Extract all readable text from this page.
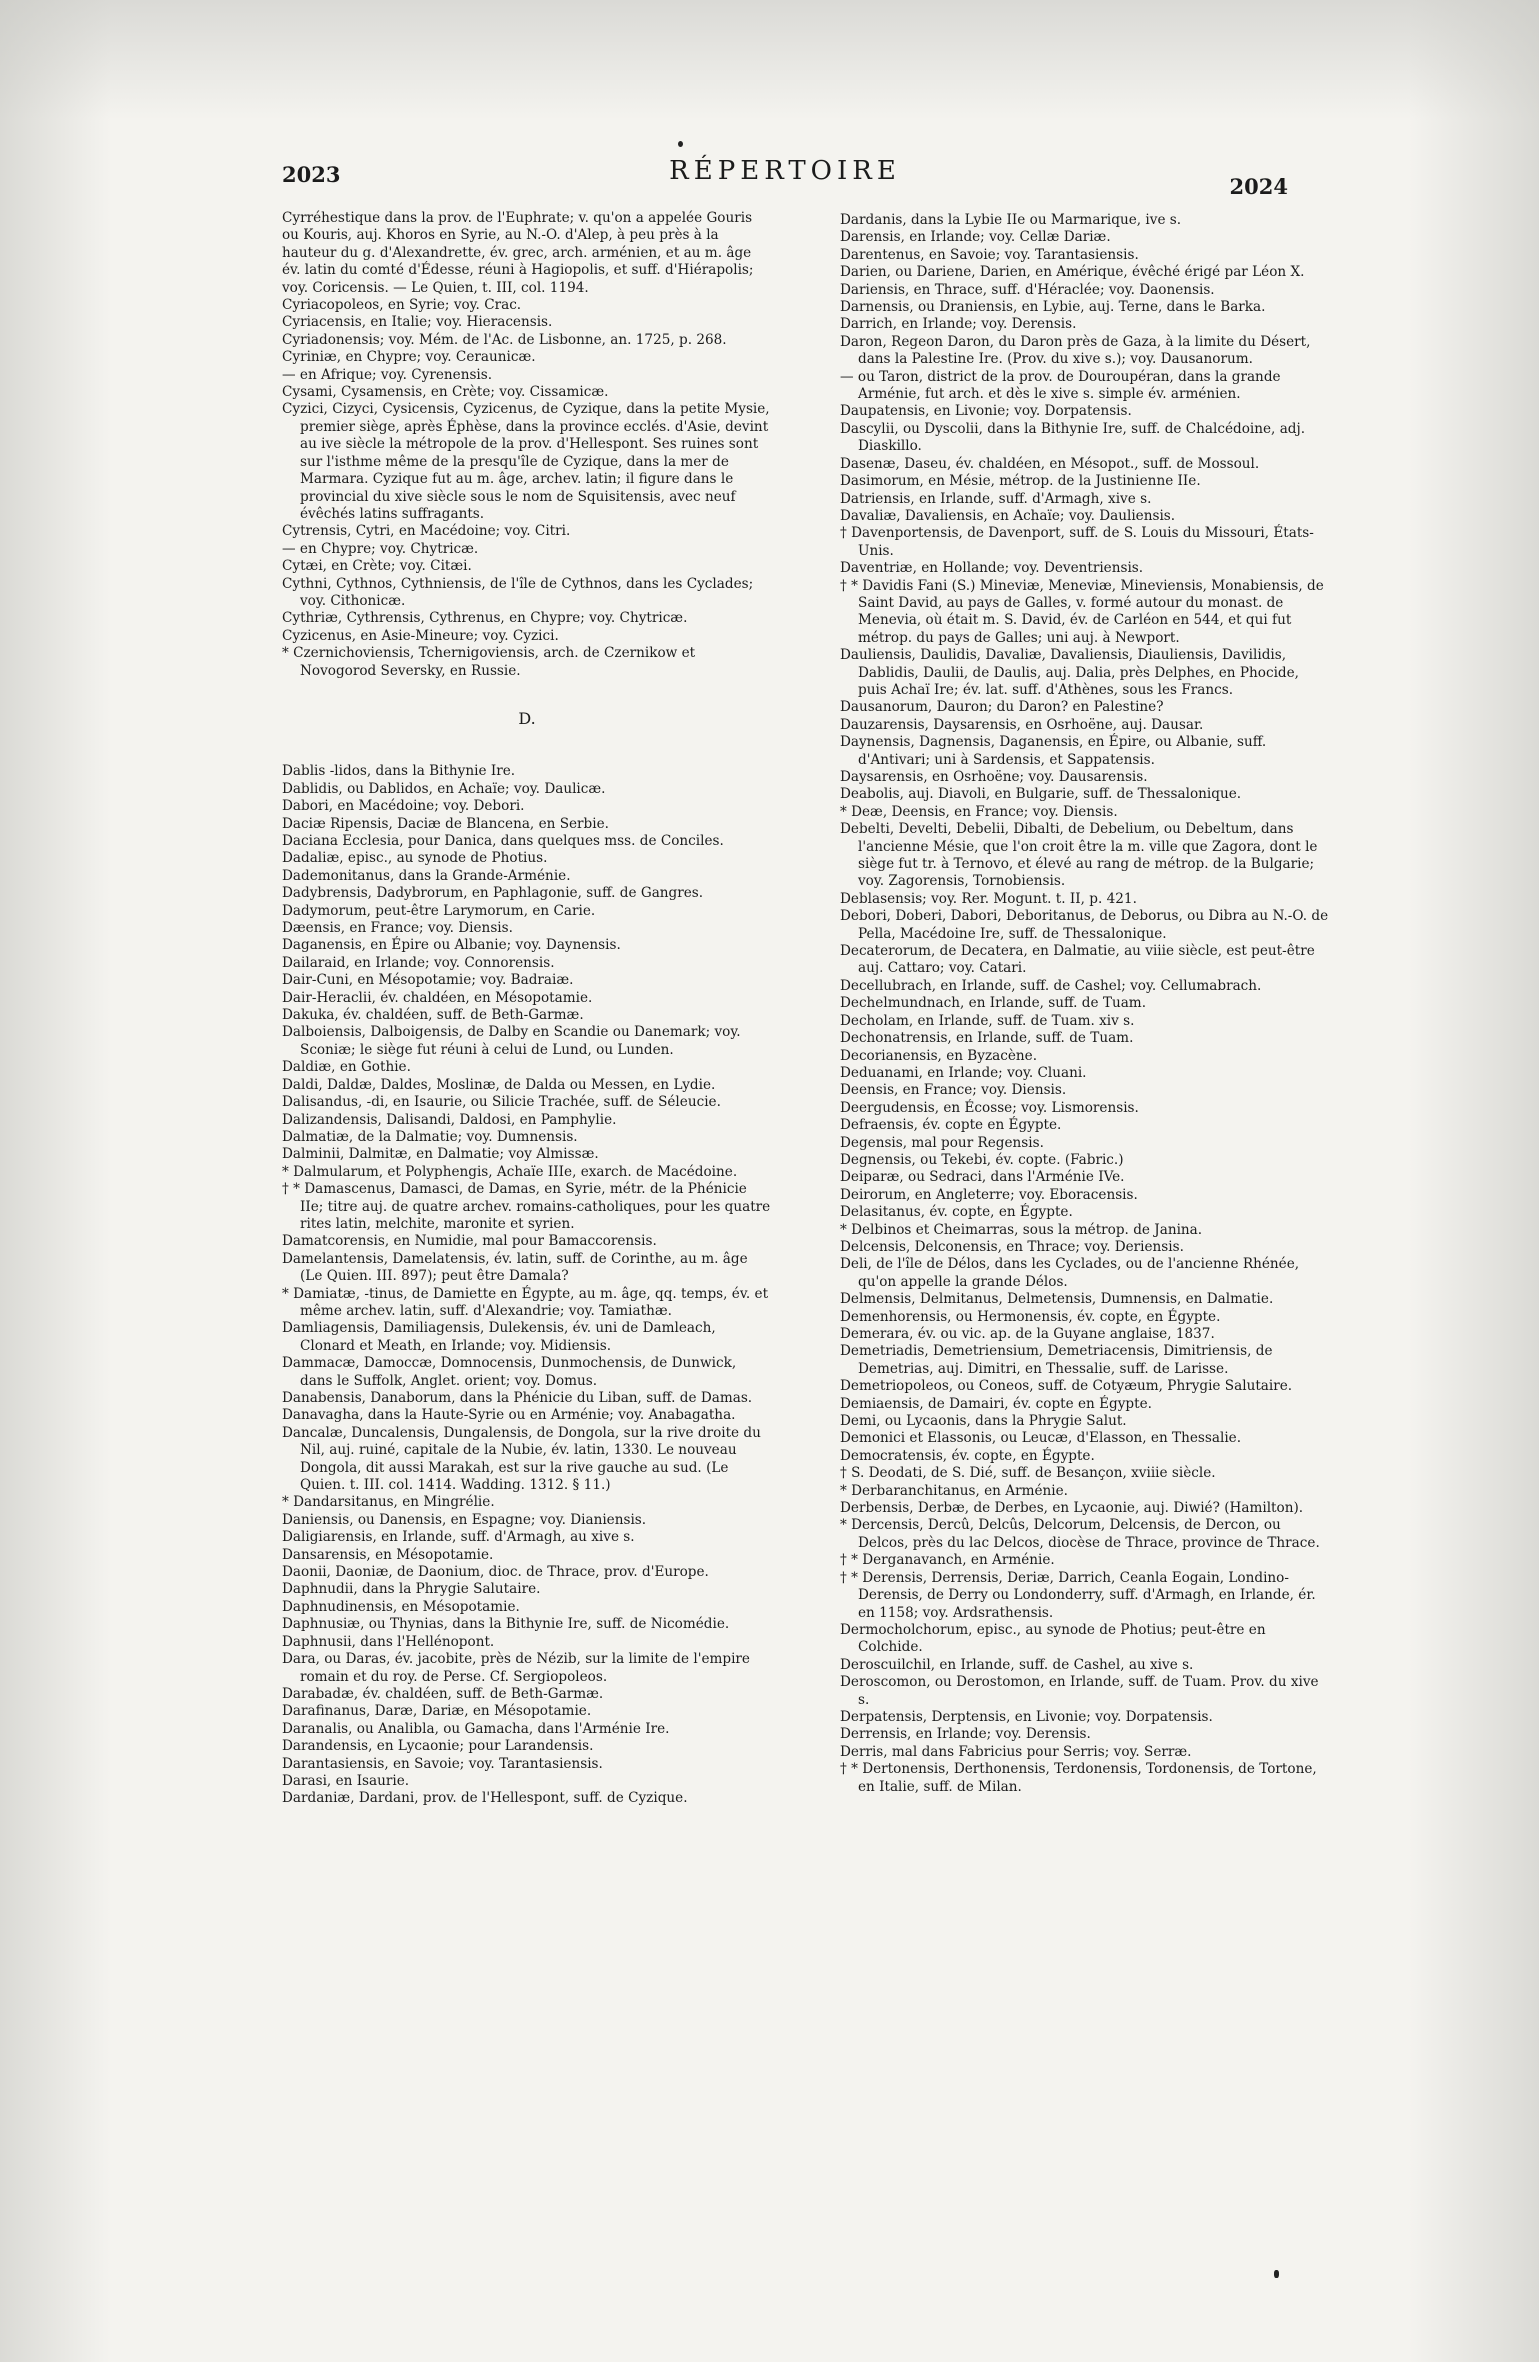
2023	RÉPERTOIRE
2024

Cyrréhestique dans la prov. de l'Euphrate; v. qu'on a appelée Gouris ou Kouris, auj. Khoros en Syrie, au N.-O. d'Alep, à peu près à la hauteur du g. d'Alexandrette, év. grec, arch. arménien, et au m. âge év. latin du comté d'Édesse, réuni à Hagiopolis, et suff. d'Hiérapolis; voy. Coricensis. — Le Quien, t. III, col. 1194.

Cyriacopoleos, en Syrie; voy. Crac.

Cyriacensis, en Italie; voy. Hieracensis.

Cyriadonensis; voy. Mém. de l'Ac. de Lisbonne, an. 1725, p. 268.

Cyriniæ, en Chypre; voy. Ceraunicæ.

— en Afrique; voy. Cyrenensis.

Cysami, Cysamensis, en Crète; voy. Cissamicæ.

Cyzici, Cizyci, Cysicensis, Cyzicenus, de Cyzique, dans la petite Mysie, premier siège, après Éphèse, dans la province ecclés. d'Asie, devint au ive siècle la métropole de la prov. d'Hellespont. Ses ruines sont sur l'isthme même de la presqu'île de Cyzique, dans la mer de Marmara. Cyzique fut au m. âge, archev. latin; il figure dans le provincial du xive siècle sous le nom de Squisitensis, avec neuf évêchés latins suffragants.

Cytrensis, Cytri, en Macédoine; voy. Citri.

— en Chypre; voy. Chytricæ.

Cytæi, en Crète; voy. Citæi.

Cythni, Cythnos, Cythniensis, de l'île de Cythnos, dans les Cyclades; voy. Cithonicæ.

Cythriæ, Cythrensis, Cythrenus, en Chypre; voy. Chytricæ.

Cyzicenus, en Asie-Mineure; voy. Cyzici.

* Czernichoviensis, Tchernigoviensis, arch. de Czernikow et Novogorod Seversky, en Russie.

D.

Dablis -lidos, dans la Bithynie Ire.

Dablidis, ou Dablidos, en Achaïe; voy. Daulicæ.

Dabori, en Macédoine; voy. Debori.

Daciæ Ripensis, Daciæ de Blancena, en Serbie.

Daciana Ecclesia, pour Danica, dans quelques mss. de Conciles.

Dadaliæ, episc., au synode de Photius.

Dademonitanus, dans la Grande-Arménie.

Dadybrensis, Dadybrorum, en Paphlagonie, suff. de Gangres.

Dadymorum, peut-être Larymorum, en Carie.

Dæensis, en France; voy. Diensis.

Daganensis, en Épire ou Albanie; voy. Daynensis.

Dailaraid, en Irlande; voy. Connorensis.

Dair-Cuni, en Mésopotamie; voy. Badraiæ.

Dair-Heraclii, év. chaldéen, en Mésopotamie.

Dakuka, év. chaldéen, suff. de Beth-Garmæ.

Dalboiensis, Dalboigensis, de Dalby en Scandie ou Danemark; voy. Sconiæ; le siège fut réuni à celui de Lund, ou Lunden.

Daldiæ, en Gothie.

Daldi, Daldæ, Daldes, Moslinæ, de Dalda ou Messen, en Lydie.

Dalisandus, -di, en Isaurie, ou Silicie Trachée, suff. de Séleucie.

Dalizandensis, Dalisandi, Daldosi, en Pamphylie.

Dalmatiæ, de la Dalmatie; voy. Dumnensis.

Dalminii, Dalmitæ, en Dalmatie; voy Almissæ.

* Dalmularum, et Polyphengis, Achaïe IIIe, exarch. de Macédoine.

† * Damascenus, Damasci, de Damas, en Syrie, métr. de la Phénicie IIe; titre auj. de quatre archev. romains-catholiques, pour les quatre rites latin, melchite, maronite et syrien.

Damatcorensis, en Numidie, mal pour Bamaccorensis.

Damelantensis, Damelatensis, év. latin, suff. de Corinthe, au m. âge (Le Quien. III. 897); peut être Damala?

* Damiatæ, -tinus, de Damiette en Égypte, au m. âge, qq. temps, év. et même archev. latin, suff. d'Alexandrie; voy. Tamiathæ.

Damliagensis, Damiliagensis, Dulekensis, év. uni de Damleach, Clonard et Meath, en Irlande; voy. Midiensis.

Dammacæ, Damoccæ, Domnocensis, Dunmochensis, de Dunwick, dans le Suffolk, Anglet. orient; voy. Domus.

Danabensis, Danaborum, dans la Phénicie du Liban, suff. de Damas.

Danavagha, dans la Haute-Syrie ou en Arménie; voy. Anabagatha.

Dancalæ, Duncalensis, Dungalensis, de Dongola, sur la rive droite du Nil, auj. ruiné, capitale de la Nubie, év. latin, 1330. Le nouveau Dongola, dit aussi Marakah, est sur la rive gauche au sud. (Le Quien. t. III. col. 1414. Wadding. 1312. § 11.)

* Dandarsitanus, en Mingrélie.

Daniensis, ou Danensis, en Espagne; voy. Dianiensis.

Daligiarensis, en Irlande, suff. d'Armagh, au xive s.

Dansarensis, en Mésopotamie.

Daonii, Daoniæ, de Daonium, dioc. de Thrace, prov. d'Europe.

Daphnudii, dans la Phrygie Salutaire.

Daphnudinensis, en Mésopotamie.

Daphnusiæ, ou Thynias, dans la Bithynie Ire, suff. de Nicomédie.

Daphnusii, dans l'Hellénopont.

Dara, ou Daras, év. jacobite, près de Nézib, sur la limite de l'empire romain et du roy. de Perse. Cf. Sergiopoleos.

Darabadæ, év. chaldéen, suff. de Beth-Garmæ.

Darafinanus, Daræ, Dariæ, en Mésopotamie.

Daranalis, ou Analibla, ou Gamacha, dans l'Arménie Ire.

Darandensis, en Lycaonie; pour Larandensis.

Darantasiensis, en Savoie; voy. Tarantasiensis.

Darasi, en Isaurie.

Dardaniæ, Dardani, prov. de l'Hellespont, suff. de Cyzique.

Dardanis, dans la Lybie IIe ou Marmarique, ive s.

Darensis, en Irlande; voy. Cellæ Dariæ.

Darentenus, en Savoie; voy. Tarantasiensis.

Darien, ou Dariene, Darien, en Amérique, évêché érigé par Léon X.

Dariensis, en Thrace, suff. d'Héraclée; voy. Daonensis.

Darnensis, ou Draniensis, en Lybie, auj. Terne, dans le Barka.

Darrich, en Irlande; voy. Derensis.

Daron, Regeon Daron, du Daron près de Gaza, à la limite du Désert, dans la Palestine Ire. (Prov. du xive s.); voy. Dausanorum.

— ou Taron, district de la prov. de Douroupéran, dans la grande Arménie, fut arch. et dès le xive s. simple év. arménien.

Daupatensis, en Livonie; voy. Dorpatensis.

Dascylii, ou Dyscolii, dans la Bithynie Ire, suff. de Chalcédoine, adj. Diaskillo.

Dasenæ, Daseu, év. chaldéen, en Mésopot., suff. de Mossoul.

Dasimorum, en Mésie, métrop. de la Justinienne IIe.

Datriensis, en Irlande, suff. d'Armagh, xive s.

Davaliæ, Davaliensis, en Achaïe; voy. Dauliensis.

† Davenportensis, de Davenport, suff. de S. Louis du Missouri, États-Unis.

Daventriæ, en Hollande; voy. Deventriensis.

† * Davidis Fani (S.) Mineviæ, Meneviæ, Mineviensis, Monabiensis, de Saint David, au pays de Galles, v. formé autour du monast. de Menevia, où était m. S. David, év. de Carléon en 544, et qui fut métrop. du pays de Galles; uni auj. à Newport.

Dauliensis, Daulidis, Davaliæ, Davaliensis, Diauliensis, Davilidis, Dablidis, Daulii, de Daulis, auj. Dalia, près Delphes, en Phocide, puis Achaï Ire; év. lat. suff. d'Athènes, sous les Francs.

Dausanorum, Dauron; du Daron? en Palestine?

Dauzarensis, Daysarensis, en Osrhoëne, auj. Dausar.

Daynensis, Dagnensis, Daganensis, en Épire, ou Albanie, suff. d'Antivari; uni à Sardensis, et Sappatensis.

Daysarensis, en Osrhoëne; voy. Dausarensis.

Deabolis, auj. Diavoli, en Bulgarie, suff. de Thessalonique.

* Deæ, Deensis, en France; voy. Diensis.

Debelti, Develti, Debelii, Dibalti, de Debelium, ou Debeltum, dans l'ancienne Mésie, que l'on croit être la m. ville que Zagora, dont le siège fut tr. à Ternovo, et élevé au rang de métrop. de la Bulgarie; voy. Zagorensis, Tornobiensis.

Deblasensis; voy. Rer. Mogunt. t. II, p. 421.

Debori, Doberi, Dabori, Deboritanus, de Deborus, ou Dibra au N.-O. de Pella, Macédoine Ire, suff. de Thessalonique.

Decaterorum, de Decatera, en Dalmatie, au viiie siècle, est peut-être auj. Cattaro; voy. Catari.

Decellubrach, en Irlande, suff. de Cashel; voy. Cellumabrach.

Dechelmundnach, en Irlande, suff. de Tuam.

Decholam, en Irlande, suff. de Tuam. xiv s.

Dechonatrensis, en Irlande, suff. de Tuam.

Decorianensis, en Byzacène.

Deduanami, en Irlande; voy. Cluani.

Deensis, en France; voy. Diensis.

Deergudensis, en Écosse; voy. Lismorensis.

Defraensis, év. copte en Égypte.

Degensis, mal pour Regensis.

Degnensis, ou Tekebi, év. copte. (Fabric.)

Deiparæ, ou Sedraci, dans l'Arménie IVe.

Deirorum, en Angleterre; voy. Eboracensis.

Delasitanus, év. copte, en Égypte.

* Delbinos et Cheimarras, sous la métrop. de Janina.

Delcensis, Delconensis, en Thrace; voy. Deriensis.

Deli, de l'île de Délos, dans les Cyclades, ou de l'ancienne Rhénée, qu'on appelle la grande Délos.

Delmensis, Delmitanus, Delmetensis, Dumnensis, en Dalmatie.

Demenhorensis, ou Hermonensis, év. copte, en Égypte.

Demerara, év. ou vic. ap. de la Guyane anglaise, 1837.

Demetriadis, Demetriensium, Demetriacensis, Dimitriensis, de Demetrias, auj. Dimitri, en Thessalie, suff. de Larisse.

Demetriopoleos, ou Coneos, suff. de Cotyæum, Phrygie Salutaire.

Demiaensis, de Damairi, év. copte en Égypte.

Demi, ou Lycaonis, dans la Phrygie Salut.

Demonici et Elassonis, ou Leucæ, d'Elasson, en Thessalie.

Democratensis, év. copte, en Égypte.

† S. Deodati, de S. Dié, suff. de Besançon, xviiie siècle.

* Derbaranchitanus, en Arménie.

Derbensis, Derbæ, de Derbes, en Lycaonie, auj. Diwié? (Hamilton).

* Dercensis, Dercû, Delcûs, Delcorum, Delcensis, de Dercon, ou Delcos, près du lac Delcos, diocèse de Thrace, province de Thrace.

† * Derganavanch, en Arménie.

† * Derensis, Derrensis, Deriæ, Darrich, Ceanla Eogain, Londino-Derensis, de Derry ou Londonderry, suff. d'Armagh, en Irlande, ér. en 1158; voy. Ardsrathensis.

Dermocholchorum, episc., au synode de Photius; peut-être en Colchide.

Deroscuilchil, en Irlande, suff. de Cashel, au xive s.

Deroscomon, ou Derostomon, en Irlande, suff. de Tuam. Prov. du xive s.

Derpatensis, Derptensis, en Livonie; voy. Dorpatensis.

Derrensis, en Irlande; voy. Derensis.

Derris, mal dans Fabricius pour Serris; voy. Serræ.

† * Dertonensis, Derthonensis, Terdonensis, Tordonensis, de Tortone, en Italie, suff. de Milan.
